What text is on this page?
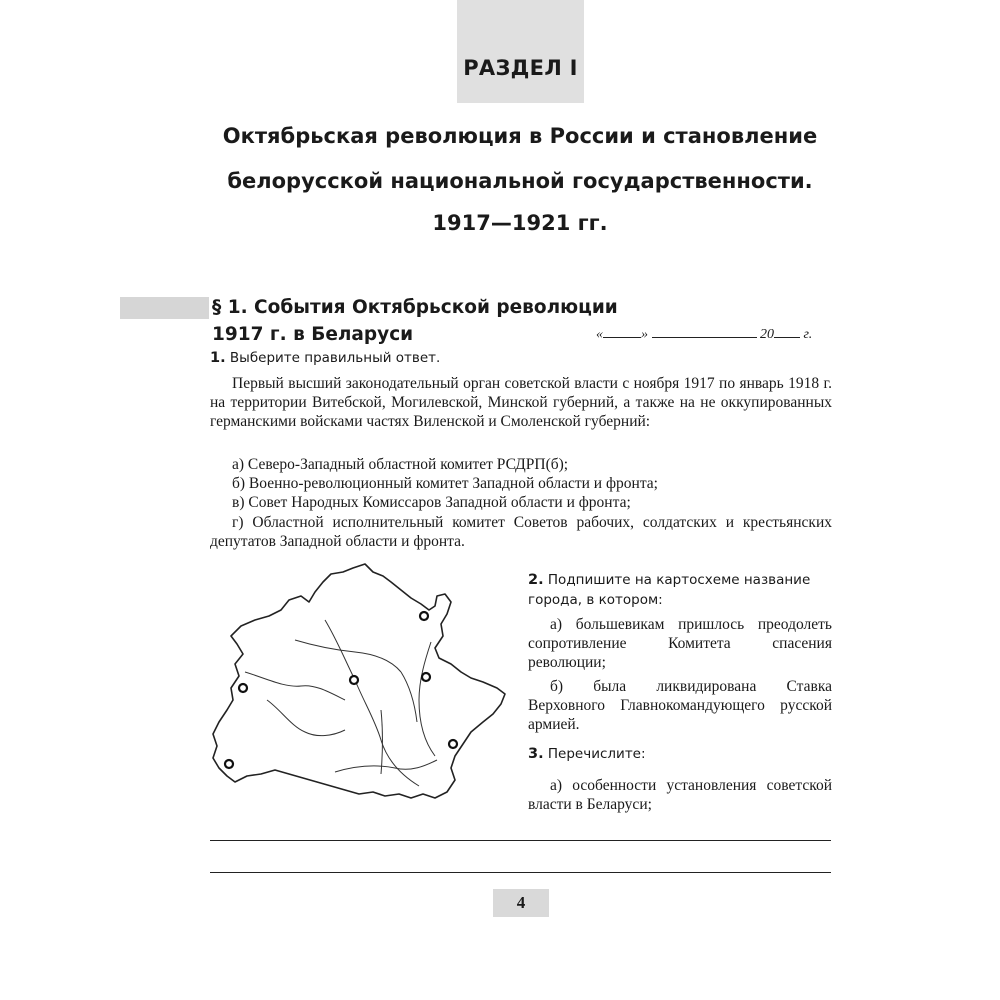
РАЗДЕЛ I
Октябрьская революция в России и становление
белорусской национальной государственности.
1917—1921 гг.
§ 1. События Октябрьской революции
1917 г. в Беларуси	«	»	20 г.
1. Выберите правильный ответ.
Первый высший законодательный орган советской власти с ноября 1917 по январь 1918 г. на территории Витебской, Могилевской, Минской губерний, а также на не оккупированных германскими войсками частях Виленской и Смоленской губерний:
а) Северо-Западный областной комитет РСДРП(б);
б) Военно-революционный комитет Западной области и фронта;
в) Совет Народных Комиссаров Западной области и фронта;
г) Областной исполнительный комитет Советов рабочих, солдатских и крестьянских депутатов Западной области и фронта.
2. Подпишите на картосхеме название города, в котором:
а) большевикам пришлось преодолеть сопротивление Комитета спасения революции;
б) была ликвидирована Ставка Верховного Главнокомандующего русской армией.
3. Перечислите:
а) особенности установления советской власти в Беларуси;
4
